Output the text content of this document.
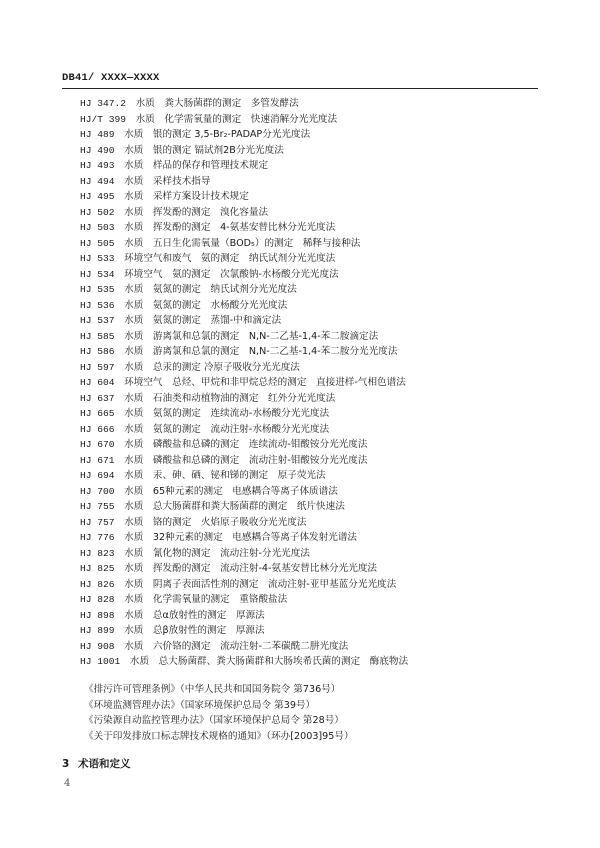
DB41/ XXXX—XXXX
HJ 347.2　 水质　粪大肠菌群的测定　多管发酵法
HJ/T 399　 水质　化学需氧量的测定　快速消解分光光度法
HJ 489　 水质　银的测定 3,5-Br₂-PADAP分光光度法
HJ 490　 水质　银的测定 镉试剂2B分光光度法
HJ 493　 水质　样品的保存和管理技术规定
HJ 494　 水质　采样技术指导
HJ 495　 水质　采样方案设计技术规定
HJ 502　 水质　挥发酚的测定　溴化容量法
HJ 503　 水质　挥发酚的测定　4-氨基安替比林分光光度法
HJ 505　 水质　五日生化需氧量（BOD₅）的测定　稀释与接种法
HJ 533　 环境空气和废气　氨的测定　纳氏试剂分光光度法
HJ 534　 环境空气　氨的测定　次氯酸钠-水杨酸分光光度法
HJ 535　 水质　氨氮的测定　纳氏试剂分光光度法
HJ 536　 水质　氨氮的测定　水杨酸分光光度法
HJ 537　 水质　氨氮的测定　蒸馏-中和滴定法
HJ 585　 水质　游离氯和总氯的测定　N,N-二乙基-1,4-苯二胺滴定法
HJ 586　 水质　游离氯和总氯的测定　N,N-二乙基-1,4-苯二胺分光光度法
HJ 597　 水质　总汞的测定 冷原子吸收分光光度法
HJ 604　 环境空气　总烃、甲烷和非甲烷总烃的测定　直接进样-气相色谱法
HJ 637　 水质　石油类和动植物油的测定　红外分光光度法
HJ 665　 水质　氨氮的测定　连续流动-水杨酸分光光度法
HJ 666　 水质　氨氮的测定　流动注射-水杨酸分光光度法
HJ 670　 水质　磷酸盐和总磷的测定　连续流动-钼酸铵分光光度法
HJ 671　 水质　磷酸盐和总磷的测定　流动注射-钼酸铵分光光度法
HJ 694　 水质　汞、砷、硒、铋和锑的测定　原子荧光法
HJ 700　 水质　65种元素的测定　电感耦合等离子体质谱法
HJ 755　 水质　总大肠菌群和粪大肠菌群的测定　纸片快速法
HJ 757　 水质　铬的测定　火焰原子吸收分光光度法
HJ 776　 水质　32种元素的测定　电感耦合等离子体发射光谱法
HJ 823　 水质　氰化物的测定　流动注射-分光光度法
HJ 825　 水质　挥发酚的测定　流动注射-4-氨基安替比林分光光度法
HJ 826　 水质　阴离子表面活性剂的测定　流动注射-亚甲基蓝分光光度法
HJ 828　 水质　化学需氧量的测定　重铬酸盐法
HJ 898　 水质　总α放射性的测定　厚源法
HJ 899　 水质　总β放射性的测定　厚源法
HJ 908　 水质　六价铬的测定　流动注射-二苯碳酰二肼光度法
HJ 1001　 水质　总大肠菌群、粪大肠菌群和大肠埃希氏菌的测定　酶底物法
《排污许可管理条例》（中华人民共和国国务院令 第736号）
《环境监测管理办法》（国家环境保护总局令 第39号）
《污染源自动监控管理办法》（国家环境保护总局令 第28号）
《关于印发排放口标志牌技术规格的通知》（环办[2003]95号）
3 术语和定义
4
